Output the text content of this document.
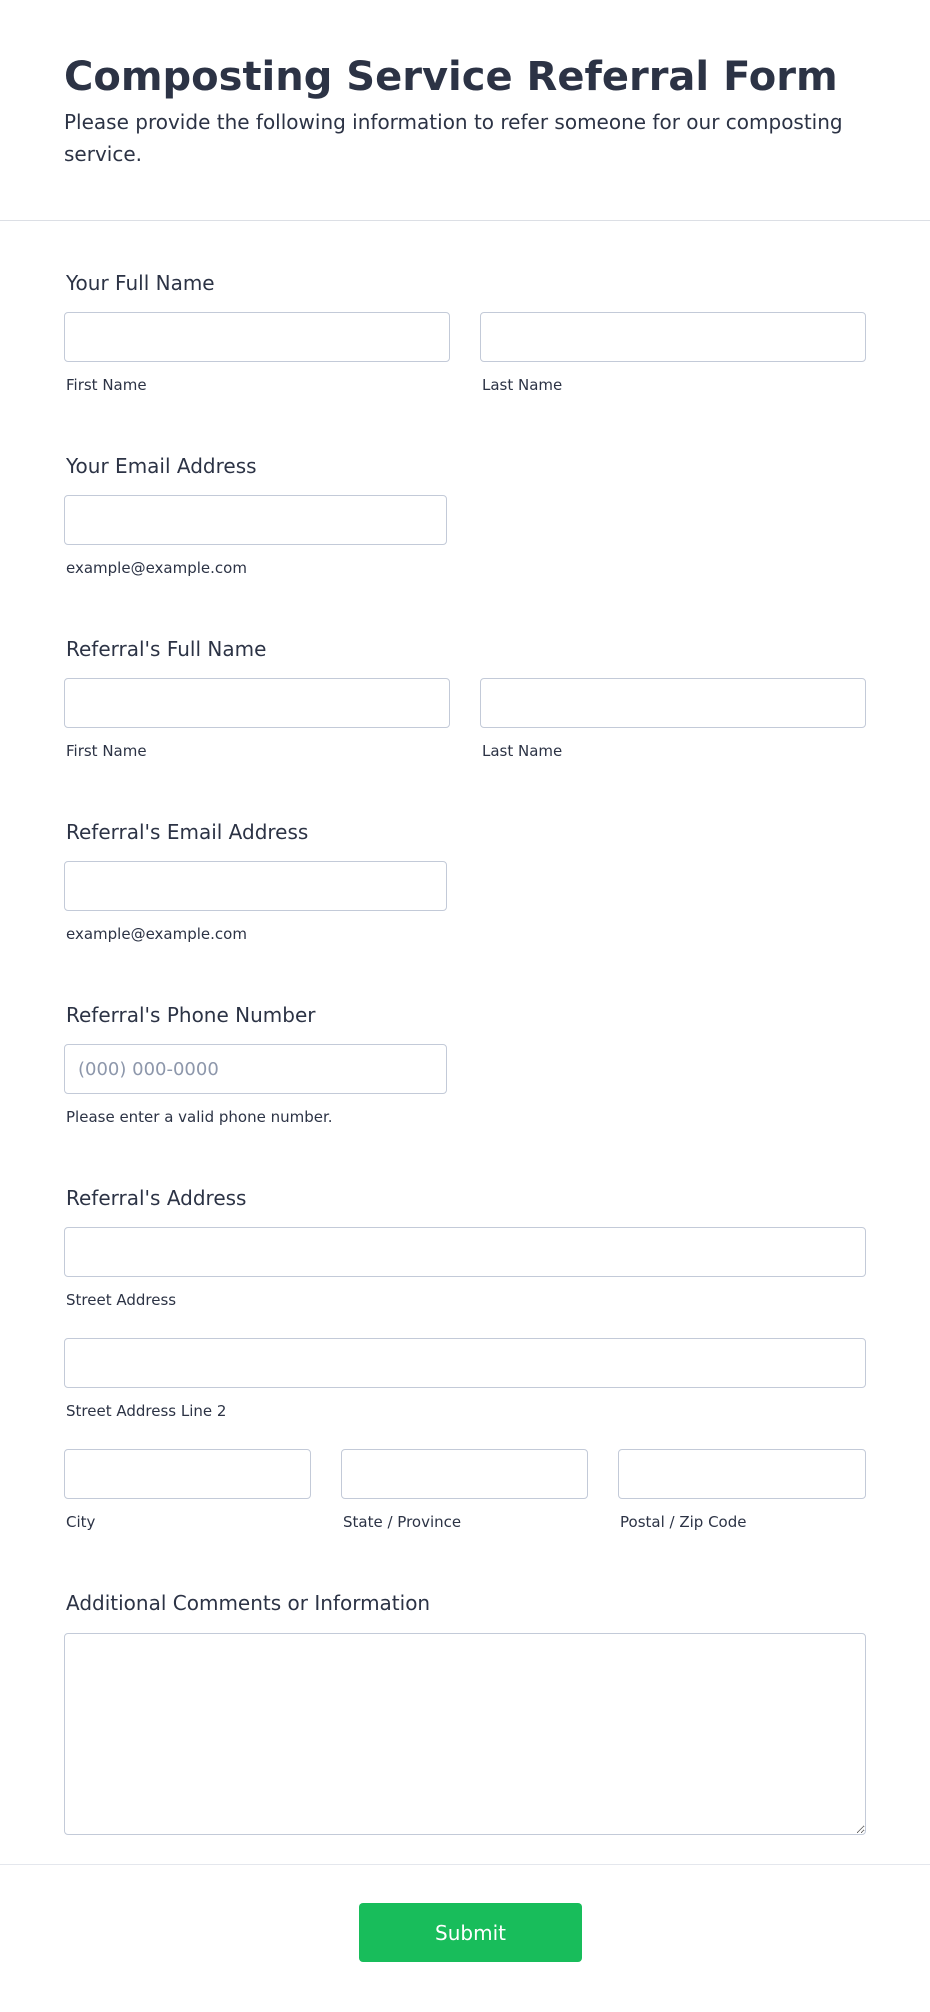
Composting Service Referral Form

Please provide the following information to refer someone for our composting service.

Your Full Name
First Name	Last Name
Your Email Address
example@example.com
Referral's Full Name
First Name	Last Name
Referral's Email Address
example@example.com
Referral's Phone Number
(000) 000-0000
Please enter a valid phone number.
Referral's Address
Street Address
Street Address Line 2
City	State / Province	Postal / Zip Code
Additional Comments or Information
Submit
